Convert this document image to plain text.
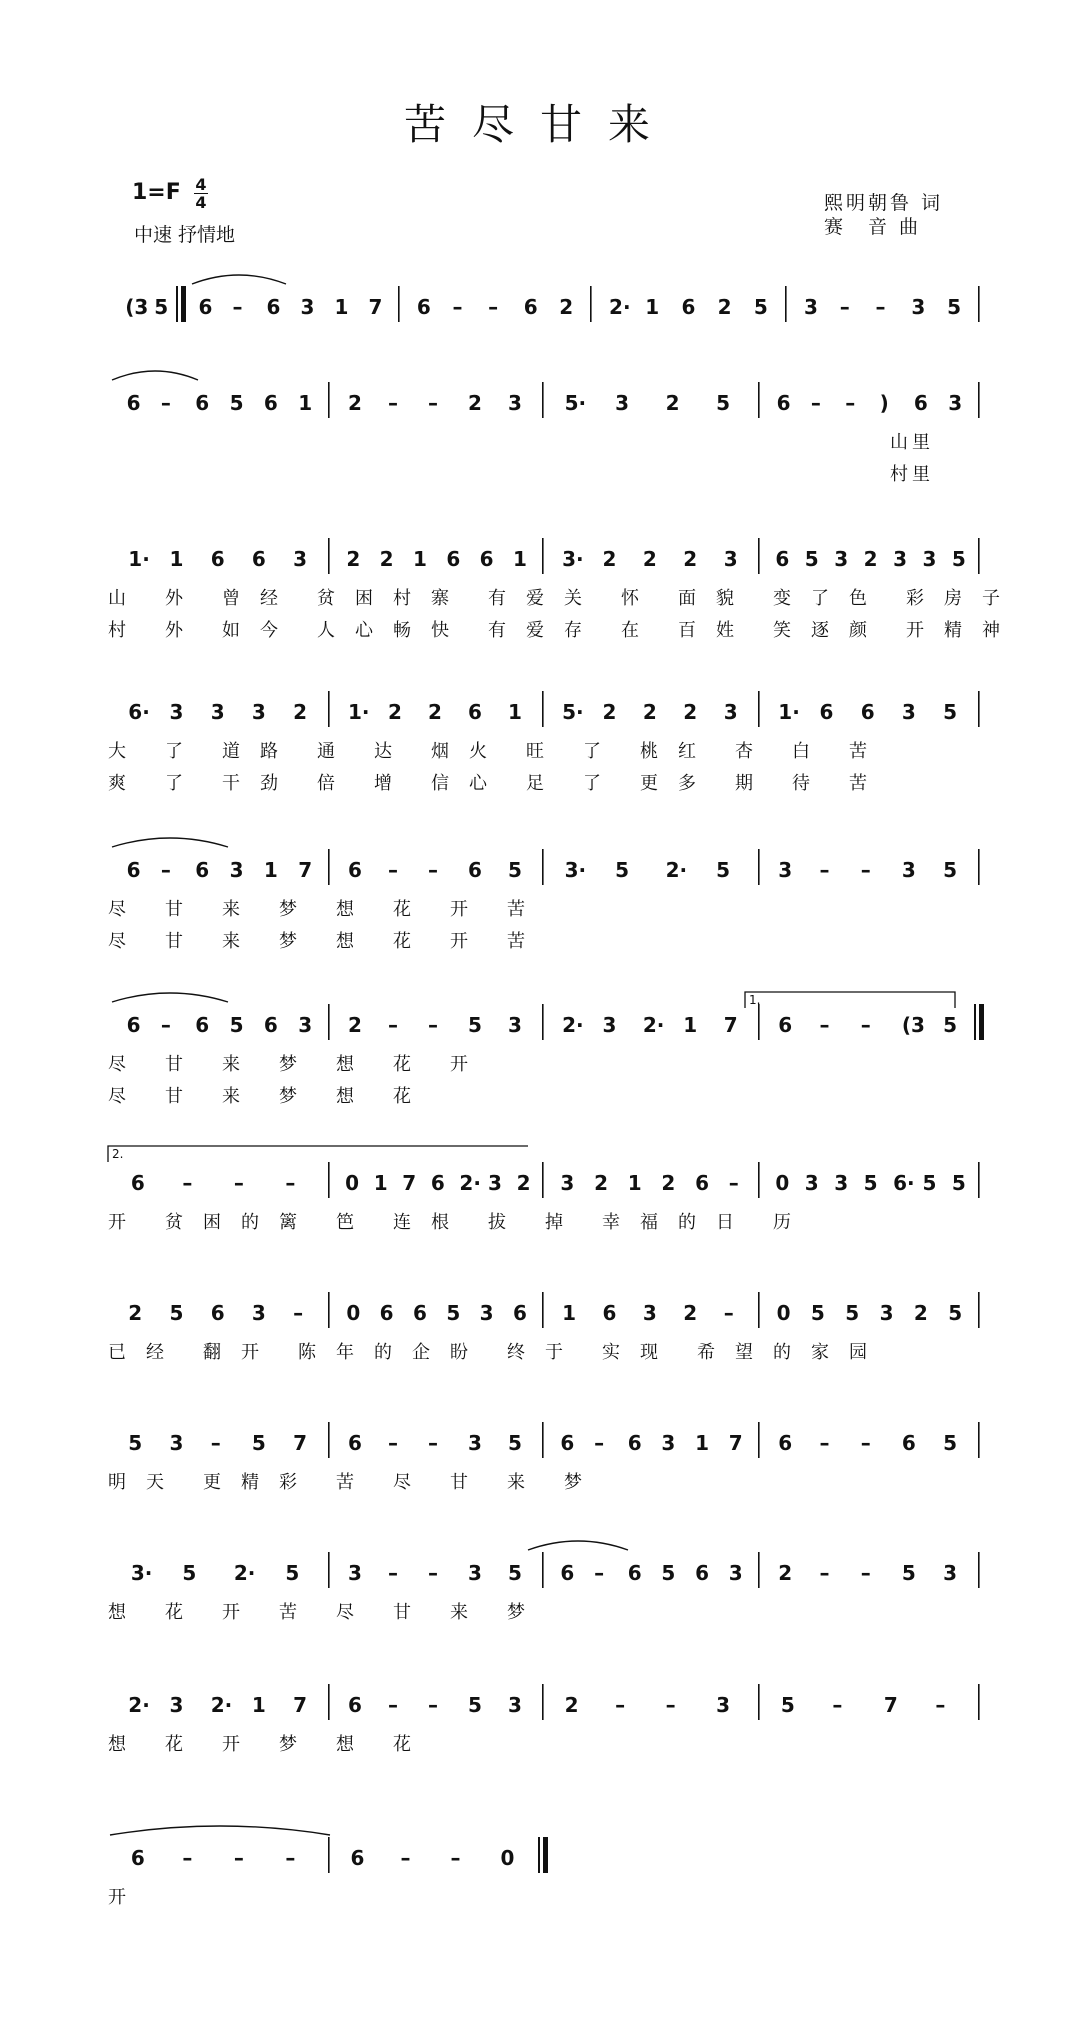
苦尽甘来
$1=F \frac{4}{4}$
中速 抒情地
熙明朝鲁 词
赛　音 曲
(3 5 6 – 6 3 1 7 6 – – 6 2 2· 1 6 2 5 3 – – 3 5
6 – 6 5 6 1 2 – – 2 3 5· 3 2 5 6 – – ) 6 3
山 里
村 里
1· 1 6 6 3 2 2 1 6 6 1 3· 2 2 2 3 6 5 3 2 3 3 5
山 外 曾 经 贫 困 村 寨 有 爱 关 怀 面 貌 变 了 色 彩 房 子
村 外 如 今 人 心 畅 快 有 爱 存 在 百 姓 笑 逐 颜 开 精 神
6· 3 3 3 2 1· 2 2 6 1 5· 2 2 2 3 1· 6 6 3 5
大 了 道 路 通 达 烟 火 旺 了 桃 红 杏 白 苦
爽 了 干 劲 倍 增 信 心 足 了 更 多 期 待 苦
6 – 6 3 1 7 6 – – 6 5 3· 5 2· 5 3 – – 3 5
尽 甘 来 梦 想 花 开 苦
尽 甘 来 梦 想 花 开 苦
6 – 6 5 6 3 2 – – 5 3 2· 3 2· 1 7 6 – – (3 5
尽 甘 来 梦 想 花 开
尽 甘 来 梦 想 花
6 – – – 0 1 7 6 2· 3 2 3 2 1 2 6 – 0 3 3 5 6· 5 5
开 贫 困 的 篱 笆 连 根 拔 掉 幸 福 的 日 历
2 5 6 3 – 0 6 6 5 3 6 1 6 3 2 – 0 5 5 3 2 5
已 经 翻 开 陈 年 的 企 盼 终 于 实 现 希 望 的 家 园
5 3 – 5 7 6 – – 3 5 6 – 6 3 1 7 6 – – 6 5
明 天 更 精 彩 苦 尽 甘 来 梦
3· 5 2· 5 3 – – 3 5 6 – 6 5 6 3 2 – – 5 3
想 花 开 苦 尽 甘 来 梦
2· 3 2· 1 7 6 – – 5 3 2 – – 3	5 – 7 –
想 花 开 梦 想 花
6 – – –	6 – – 0
开
1.
2.
